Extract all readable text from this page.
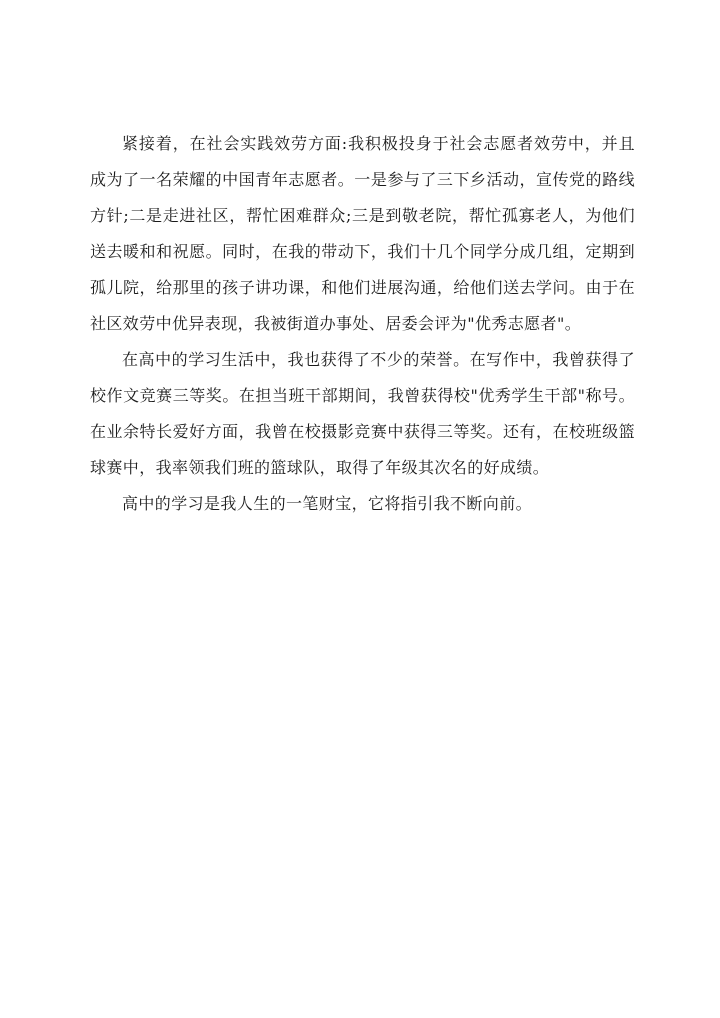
紧接着，在社会实践效劳方面:我积极投身于社会志愿者效劳中，并且成为了一名荣耀的中国青年志愿者。一是参与了三下乡活动，宣传党的路线方针;二是走进社区，帮忙困难群众;三是到敬老院，帮忙孤寡老人，为他们送去暖和和祝愿。同时，在我的带动下，我们十几个同学分成几组，定期到孤儿院，给那里的孩子讲功课，和他们进展沟通，给他们送去学问。由于在社区效劳中优异表现，我被街道办事处、居委会评为"优秀志愿者"。

在高中的学习生活中，我也获得了不少的荣誉。在写作中，我曾获得了校作文竞赛三等奖。在担当班干部期间，我曾获得校"优秀学生干部"称号。在业余特长爱好方面，我曾在校摄影竞赛中获得三等奖。还有，在校班级篮球赛中，我率领我们班的篮球队，取得了年级其次名的好成绩。

高中的学习是我人生的一笔财宝，它将指引我不断向前。
